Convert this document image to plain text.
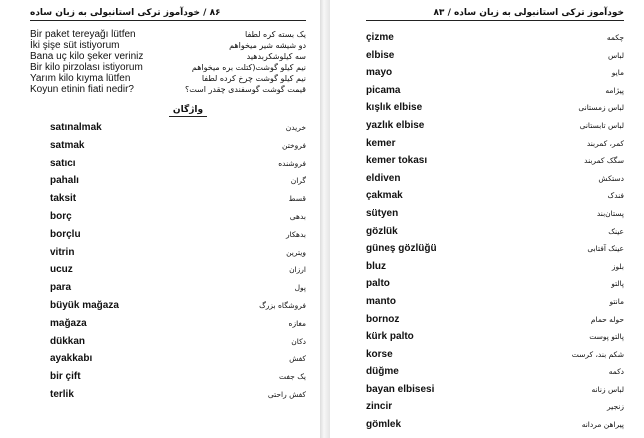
۸۶ / خودآموز ترکی استانبولی به زبان ساده
Bir paket tereyağı lütfen	یک بسته کره لطفا
İki şişe süt istiyorum	دو شیشه شیر میخواهم
Bana uç kilo şeker veriniz	سه کیلوشکربدهید
Bir kilo pirzolası istiyorum	نیم کیلو گوشت(کتلت بره میخواهم
Yarım kilo kıyma lütfen	نیم کیلو گوشت چرخ کرده لطفا
Koyun etinin fiati nedir?	قیمت گوشت گوسفندی چقدر است؟
واژگان
satınalmak	خریدن
satmak	فروختن
satıcı	فروشنده
pahalı	گران
taksit	قسط
borç	بدهی
borçlu	بدهکار
vitrin	ویترین
ucuz	ارزان
para	پول
büyük mağaza	فروشگاه بزرگ
mağaza	مغازه
dükkan	دکان
ayakkabı	کفش
bir çift	یک جفت
terlik	کفش راحتی
خودآموز ترکی استانبولی به زبان ساده / ۸۳
çizme	چکمه
elbise	لباس
mayo	مایو
picama	پیژامه
kışlık elbise	لباس زمستانی
yazlık elbise	لباس تابستانی
kemer	کمر، کمربند
kemer tokası	سگک کمربند
eldiven	دستکش
çakmak	فندک
sütyen	پستان‌بند
gözlük	عینک
güneş gözlüğü	عینک آفتابی
bluz	بلوز
palto	پالتو
manto	مانتو
bornoz	حوله حمام
kürk palto	پالتو پوست
korse	شکم بند، کرست
düğme	دکمه
bayan elbisesi	لباس زنانه
zincir	زنجیر
gömlek	پیراهن مردانه
